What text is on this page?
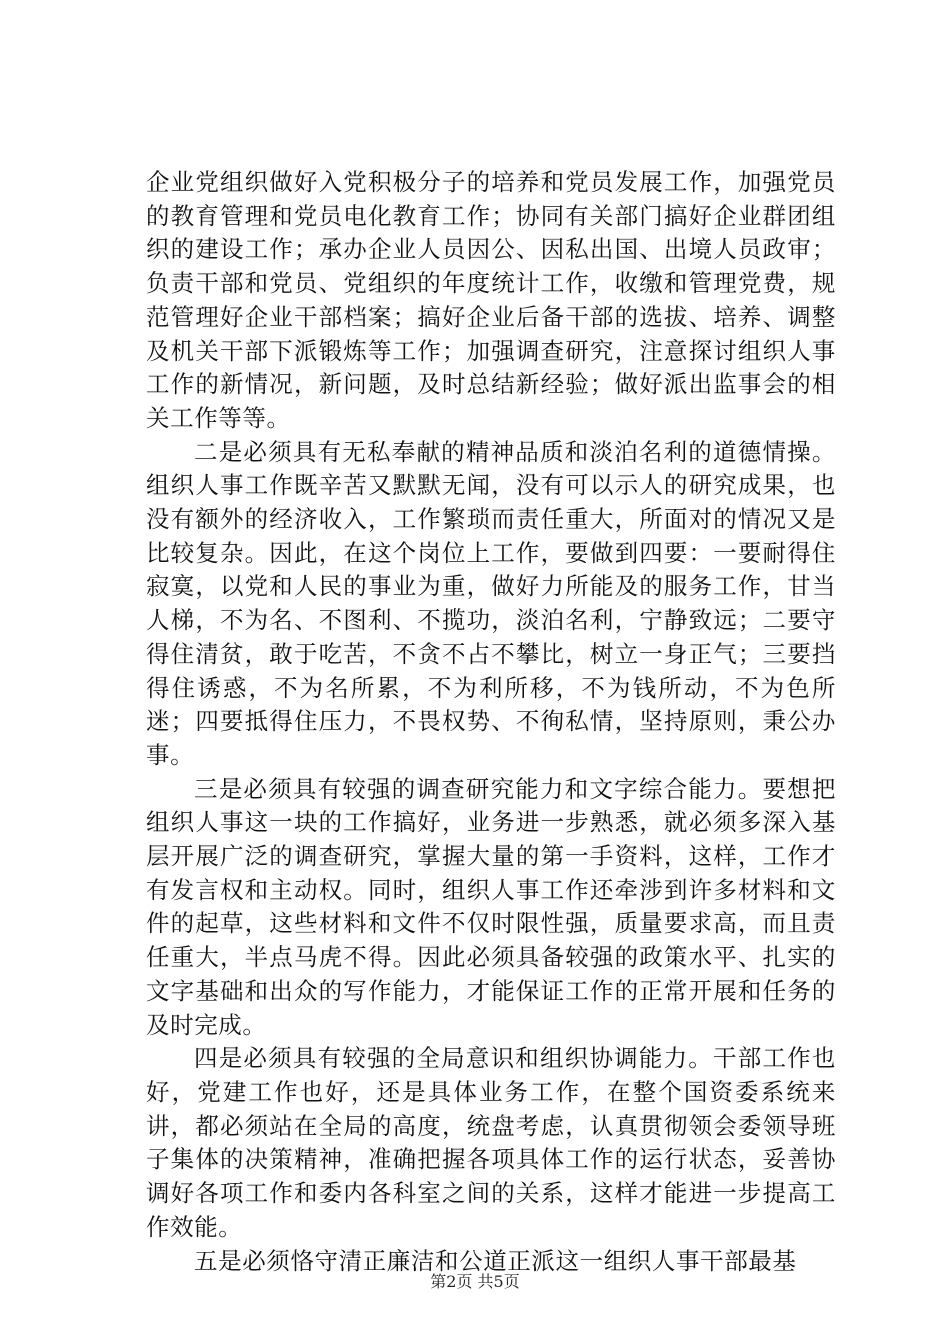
企业党组织做好入党积极分子的培养和党员发展工作，加强党员的教育管理和党员电化教育工作；协同有关部门搞好企业群团组织的建设工作；承办企业人员因公、因私出国、出境人员政审；负责干部和党员、党组织的年度统计工作，收缴和管理党费，规范管理好企业干部档案；搞好企业后备干部的选拔、培养、调整及机关干部下派锻炼等工作；加强调查研究，注意探讨组织人事工作的新情况，新问题，及时总结新经验；做好派出监事会的相关工作等等。

二是必须具有无私奉献的精神品质和淡泊名利的道德情操。组织人事工作既辛苦又默默无闻，没有可以示人的研究成果，也没有额外的经济收入，工作繁琐而责任重大，所面对的情况又是比较复杂。因此，在这个岗位上工作，要做到四要：一要耐得住寂寞，以党和人民的事业为重，做好力所能及的服务工作，甘当人梯，不为名、不图利、不揽功，淡泊名利，宁静致远；二要守得住清贫，敢于吃苦，不贪不占不攀比，树立一身正气；三要挡得住诱惑，不为名所累，不为利所移，不为钱所动，不为色所迷；四要抵得住压力，不畏权势、不徇私情，坚持原则，秉公办事。

三是必须具有较强的调查研究能力和文字综合能力。要想把组织人事这一块的工作搞好，业务进一步熟悉，就必须多深入基层开展广泛的调查研究，掌握大量的第一手资料，这样，工作才有发言权和主动权。同时，组织人事工作还牵涉到许多材料和文件的起草，这些材料和文件不仅时限性强，质量要求高，而且责任重大，半点马虎不得。因此必须具备较强的政策水平、扎实的文字基础和出众的写作能力，才能保证工作的正常开展和任务的及时完成。

四是必须具有较强的全局意识和组织协调能力。干部工作也好，党建工作也好，还是具体业务工作，在整个国资委系统来讲，都必须站在全局的高度，统盘考虑，认真贯彻领会委领导班子集体的决策精神，准确把握各项具体工作的运行状态，妥善协调好各项工作和委内各科室之间的关系，这样才能进一步提高工作效能。

五是必须恪守清正廉洁和公道正派这一组织人事干部最基

第2页 共5页
